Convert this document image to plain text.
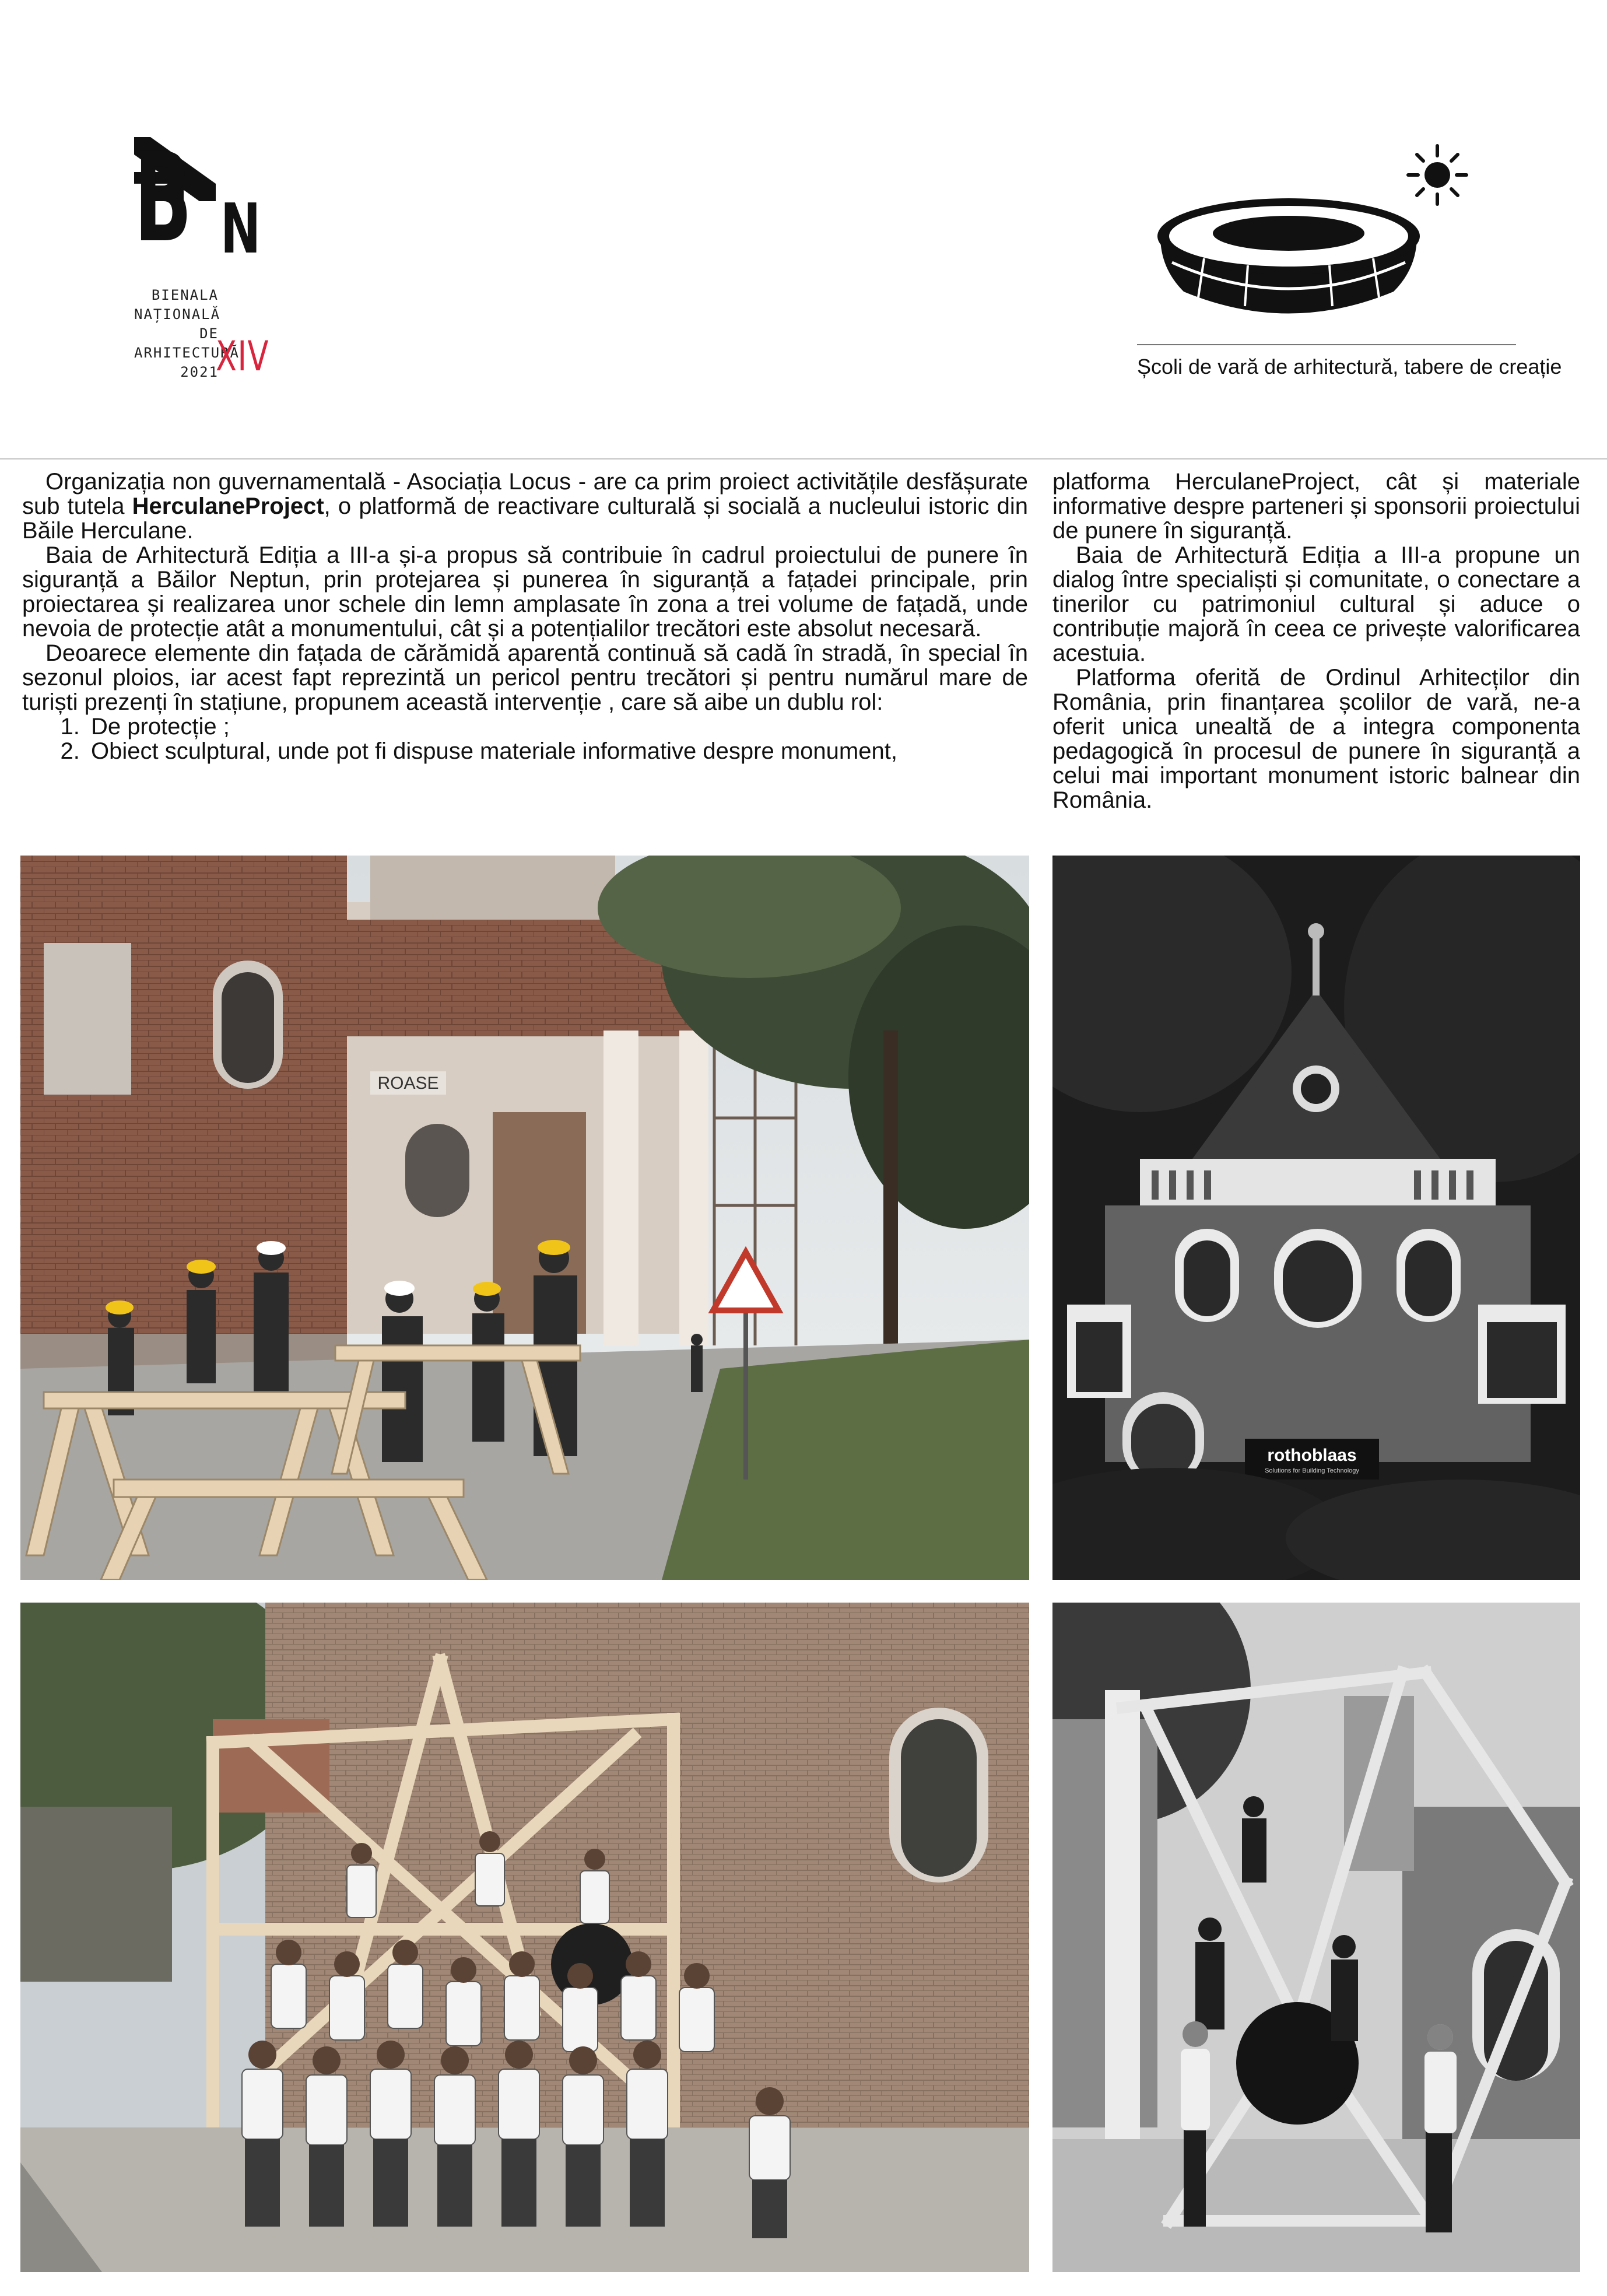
B N
BIENALA
NAȚIONALĂ
DE
ARHITECTURĂ
2021
XIV	Școli de vară de arhitectură, tabere de creație

Organizația non guvernamentală - Asociația Locus - are ca prim proiect activitățile desfășurate sub tutela HerculaneProject, o platformă de reactivare culturală și socială a nucleului istoric din Băile Herculane.

Baia de Arhitectură Ediția a III-a și-a propus să contribuie în cadrul proiectului de punere în siguranță a Băilor Neptun, prin protejarea și punerea în siguranță a fațadei principale, prin proiectarea și realizarea unor schele din lemn amplasate în zona a trei volume de fațadă, unde nevoia de protecție atât a monumentului, cât și a potențialilor trecători este absolut necesară.

Deoarece elemente din fațada de cărămidă aparentă continuă să cadă în stradă, în special în sezonul ploios, iar acest fapt reprezintă un pericol pentru trecători și pentru numărul mare de turiști prezenți în stațiune, propunem această intervenție , care să aibe un dublu rol:

1. De protecție ;
2. Obiect sculptural, unde pot fi dispuse materiale informative despre monument,

platforma HerculaneProject, cât și materiale informative despre parteneri și sponsorii proiectului de punere în siguranță.

Baia de Arhitectură Ediția a III-a propune un dialog între specialiști și comunitate, o conectare a tinerilor cu patrimoniul cultural și aduce o contribuție majoră în ceea ce privește valorificarea acestuia.

Platforma oferită de Ordinul Arhitecților din România, prin finanțarea școlilor de vară, ne-a oferit unica unealtă de a integra componenta pedagogică în procesul de punere în siguranță a celui mai important monument istoric balnear din România.

ROASE
rothoblaas
Solutions for Building Technology
